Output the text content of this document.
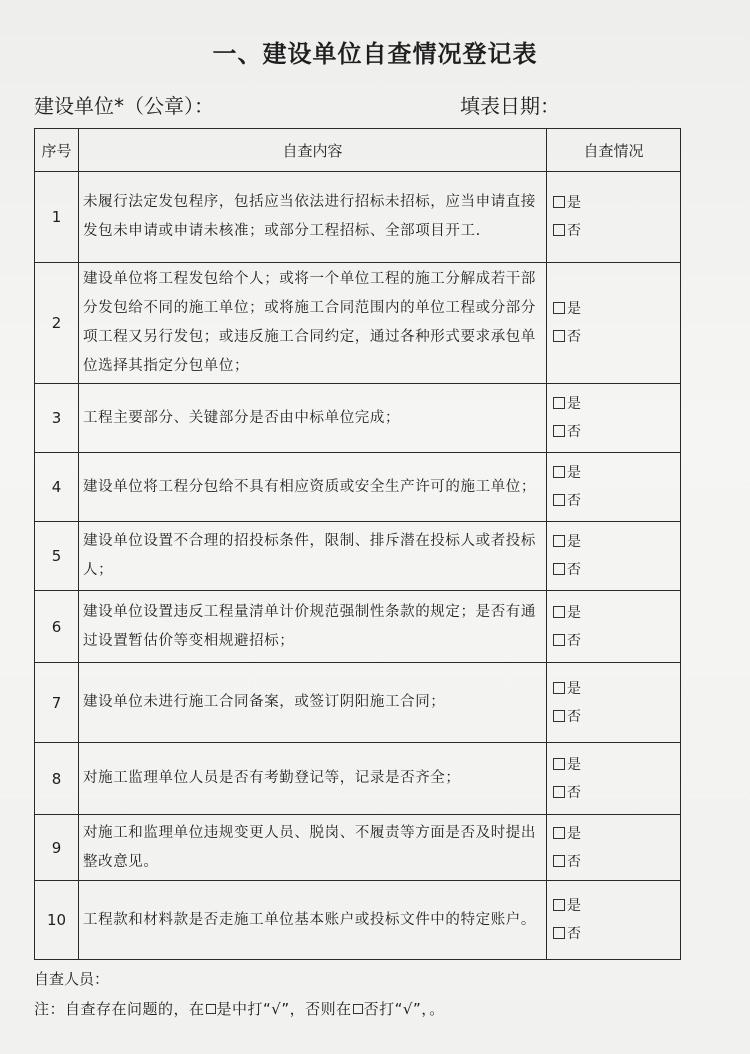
一、建设单位自查情况登记表
建设单位*（公章）：	填表日期：
序号	自查内容	自查情况
1	未履行法定发包程序，包括应当依法进行招标未招标，应当申请直接发包未申请或申请未核准；或部分工程招标、全部项目开工.	是
否

2	建设单位将工程发包给个人；或将一个单位工程的施工分解成若干部分发包给不同的施工单位；或将施工合同范围内的单位工程或分部分项工程又另行发包；或违反施工合同约定，通过各种形式要求承包单位选择其指定分包单位；	是
否

3	工程主要部分、关键部分是否由中标单位完成；	是
否

4	建设单位将工程分包给不具有相应资质或安全生产许可的施工单位；	是
否

5	建设单位设置不合理的招投标条件，限制、排斥潜在投标人或者投标人；	是
否

6	建设单位设置违反工程量清单计价规范强制性条款的规定；是否有通过设置暂估价等变相规避招标；	是
否

7	建设单位未进行施工合同备案，或签订阴阳施工合同；	是
否

8	对施工监理单位人员是否有考勤登记等，记录是否齐全；	是
否

9	对施工和监理单位违规变更人员、脱岗、不履责等方面是否及时提出整改意见。	是
否

10	工程款和材料款是否走施工单位基本账户或投标文件中的特定账户。	是
否
自查人员：
注：自查存在问题的，在 是中打“√”，否则在 否打“√”，。
